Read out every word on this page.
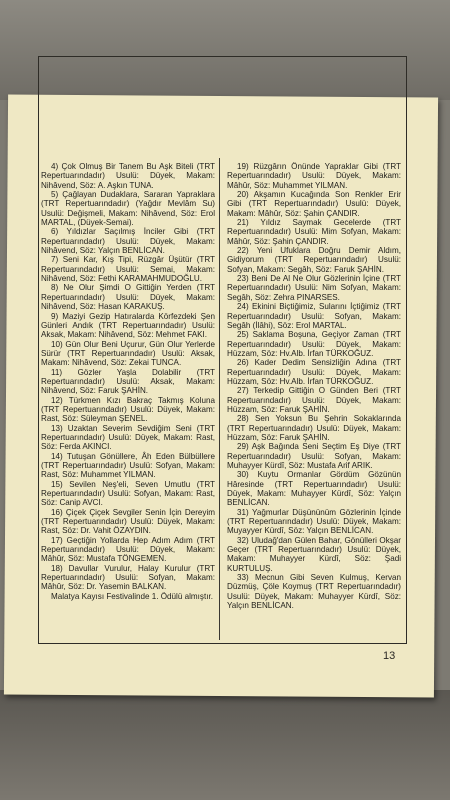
4) Çok Olmuş Bir Tanem Bu Aşk Biteli (TRT Repertuarındadır) Usulü: Düyek, Makam: Nihâvend, Söz: A. Aşkın TUNA.

5) Çağlayan Dudaklara, Sararan Yapraklara (TRT Repertuarındadır) (Yağdır Mevlâm Su) Usulü: Değişmeli, Makam: Nihâvend, Söz: Erol MARTAL, (Düyek-Semai).

6) Yıldızlar Saçılmış İnciler Gibi (TRT Repertuarındadır) Usulü: Düyek, Makam: Nihâvend, Söz: Yalçın BENLİCAN.

7) Seni Kar, Kış Tipi, Rüzgâr Üşütür (TRT Repertuarındadır) Usulü: Semai, Makam: Nihâvend, Söz: Fethi KARAMAHMUDOĞLU.

8) Ne Olur Şimdi O Gittiğin Yerden (TRT Repertuarındadır) Usulü: Düyek, Makam: Nihâvend, Söz: Hasan KARAKUŞ.

9) Maziyi Gezip Hatıralarda Körfezdeki Şen Günleri Andık (TRT Repertuarındadır) Usulü: Aksak, Makam: Nihâvend, Söz: Mehmet FAKI.

10) Gün Olur Beni Uçurur, Gün Olur Yerlerde Sürür (TRT Repertuarındadır) Usulü: Aksak, Makam: Nihâvend, Söz: Zekai TUNCA.

11) Gözler Yaşla Dolabilir (TRT Repertuarındadır) Usulü: Aksak, Makam: Nihâvend, Söz: Faruk ŞAHİN.

12) Türkmen Kızı Bakraç Takmış Koluna (TRT Repertuarındadır) Usulü: Düyek, Makam: Rast, Söz: Süleyman ŞENEL.

13) Uzaktan Severim Sevdiğim Seni (TRT Repertuarındadır) Usulü: Düyek, Makam: Rast, Söz: Ferda AKINCI.

14) Tutuşan Gönüllere, Âh Eden Bülbüllere (TRT Repertuarındadır) Usulü: Sofyan, Makam: Rast, Söz: Muhammet YILMAN.

15) Sevilen Neş'eli, Seven Umutlu (TRT Repertuarındadır) Usulü: Sofyan, Makam: Rast, Söz: Canip AVCI.

16) Çiçek Çiçek Sevgiler Senin İçin Dereyim (TRT Repertuarındadır) Usulü: Düyek, Makam: Rast, Söz: Dr. Vahit ÖZAYDIN.

17) Geçtiğin Yollarda Hep Adım Adım (TRT Repertuarındadır) Usulü: Düyek, Makam: Mâhûr, Söz: Mustafa TÖNGEMEN.

18) Davullar Vurulur, Halay Kurulur (TRT Repertuarındadır) Usulü: Sofyan, Makam: Mâhûr, Söz: Dr. Yasemin BALKAN.

Malatya Kayısı Festivalinde 1. Ödülü almıştır.

19) Rüzgârın Önünde Yapraklar Gibi (TRT Repertuarındadır) Usulü: Düyek, Makam: Mâhûr, Söz: Muhammet YILMAN.

20) Akşamın Kucağında Son Renkler Erir Gibi (TRT Repertuarındadır) Usulü: Düyek, Makam: Mâhûr, Söz: Şahin ÇANDIR.

21) Yıldız Saymak Gecelerde (TRT Repertuarındadır) Usulü: Mim Sofyan, Makam: Mâhûr, Söz: Şahin ÇANDIR.

22) Yeni Ufuklara Doğru Demir Aldım, Gidiyorum (TRT Repertuarındadır) Usulü: Sofyan, Makam: Segâh, Söz: Faruk ŞAHİN.

23) Beni De Al Ne Olur Gözlerinin İçine (TRT Repertuarındadır) Usulü: Nim Sofyan, Makam: Segâh, Söz: Zehra PINARSES.

24) Ekinini Biçtiğimiz, Sularını İçtiğimiz (TRT Repertuarındadır) Usulü: Sofyan, Makam: Segâh (İlâhi), Söz: Erol MARTAL.

25) Saklama Boşuna, Geçiyor Zaman (TRT Repertuarındadır) Usulü: Düyek, Makam: Hüzzam, Söz: Hv.Alb. İrfan TÜRKOĞUZ.

26) Kader Dedim Sensizliğin Adına (TRT Repertuarındadır) Usulü: Düyek, Makam: Hüzzam, Söz: Hv.Alb. İrfan TÜRKOĞUZ.

27) Terkedip Gittiğin O Günden Beri (TRT Repertuarındadır) Usulü: Düyek, Makam: Hüzzam, Söz: Faruk ŞAHİN.

28) Sen Yoksun Bu Şehrin Sokaklarında (TRT Repertuarındadır) Usulü: Düyek, Makam: Hüzzam, Söz: Faruk ŞAHİN.

29) Aşk Bağında Seni Seçtim Eş Diye (TRT Repertuarındadır) Usulü: Sofyan, Makam: Muhayyer Kürdî, Söz: Mustafa Arif ARIK.

30) Kuytu Ormanlar Gördüm Gözünün Hâresinde (TRT Repertuarındadır) Usulü: Düyek, Makam: Muhayyer Kürdî, Söz: Yalçın BENLİCAN.

31) Yağmurlar Düşününüm Gözlerinin İçinde (TRT Repertuarındadır) Usulü: Düyek, Makam: Muyayyer Kürdî, Söz: Yalçın BENLİCAN.

32) Uludağ'dan Gülen Bahar, Gönülleri Okşar Geçer (TRT Repertuarındadır) Usulü: Düyek, Makam: Muhayyer Kürdî, Söz: Şadi KURTULUŞ.

33) Mecnun Gibi Seven Kulmuş, Kervan Düzmüş, Çöle Koymuş (TRT Repertuarındadır) Usulü: Düyek, Makam: Muhayyer Kürdî, Söz: Yalçın BENLİCAN.

13
